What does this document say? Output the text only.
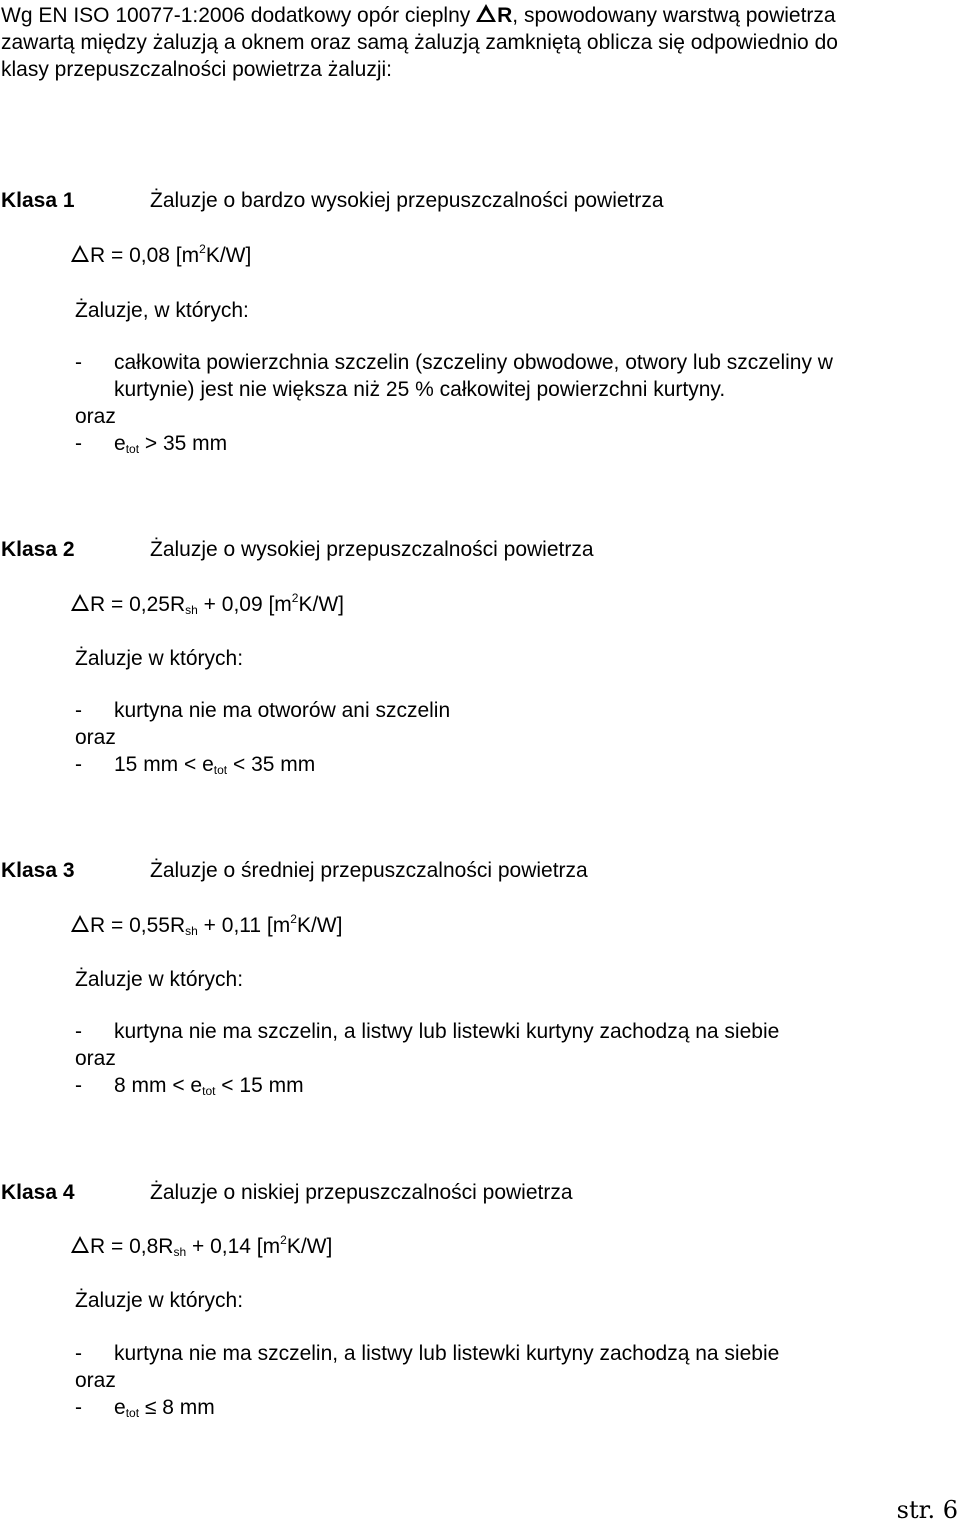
Wg EN ISO 10077-1:2006 dodatkowy opór cieplny R, spowodowany warstwą powietrza
zawartą między żaluzją a oknem oraz samą żaluzją zamkniętą oblicza się odpowiednio do
klasy przepuszczalności powietrza żaluzji:
Klasa 1	Żaluzje o bardzo wysokiej przepuszczalności powietrza
R = 0,08 $[m^2K/W]$
Żaluzje, w których:
- całkowita powierzchnia szczelin (szczeliny obwodowe, otwory lub szczeliny w
kurtynie) jest nie większa niż 25 % całkowitej powierzchni kurtyny.
oraz
- $e_{tot} > 35$ mm
Klasa 2	Żaluzje o wysokiej przepuszczalności powietrza
$R = 0,25R_{sh} + 0,09$ $[m^2K/W]$
Żaluzje w których:
- kurtyna nie ma otworów ani szczelin
oraz
- 15 mm < $e_{tot} < 35$ mm
Klasa 3	Żaluzje o średniej przepuszczalności powietrza
$R = 0,55R_{sh} + 0,11$ $[m^2K/W]$
Żaluzje w których:
- kurtyna nie ma szczelin, a listwy lub listewki kurtyny zachodzą na siebie
oraz
- 8 mm < $e_{tot} < 15$ mm
Klasa 4	Żaluzje o niskiej przepuszczalności powietrza
$R = 0,8R_{sh} + 0,14$ $[m^2K/W]$
Żaluzje w których:
- kurtyna nie ma szczelin, a listwy lub listewki kurtyny zachodzą na siebie
oraz
- $e_{tot} \le 8$ mm
str. 6
